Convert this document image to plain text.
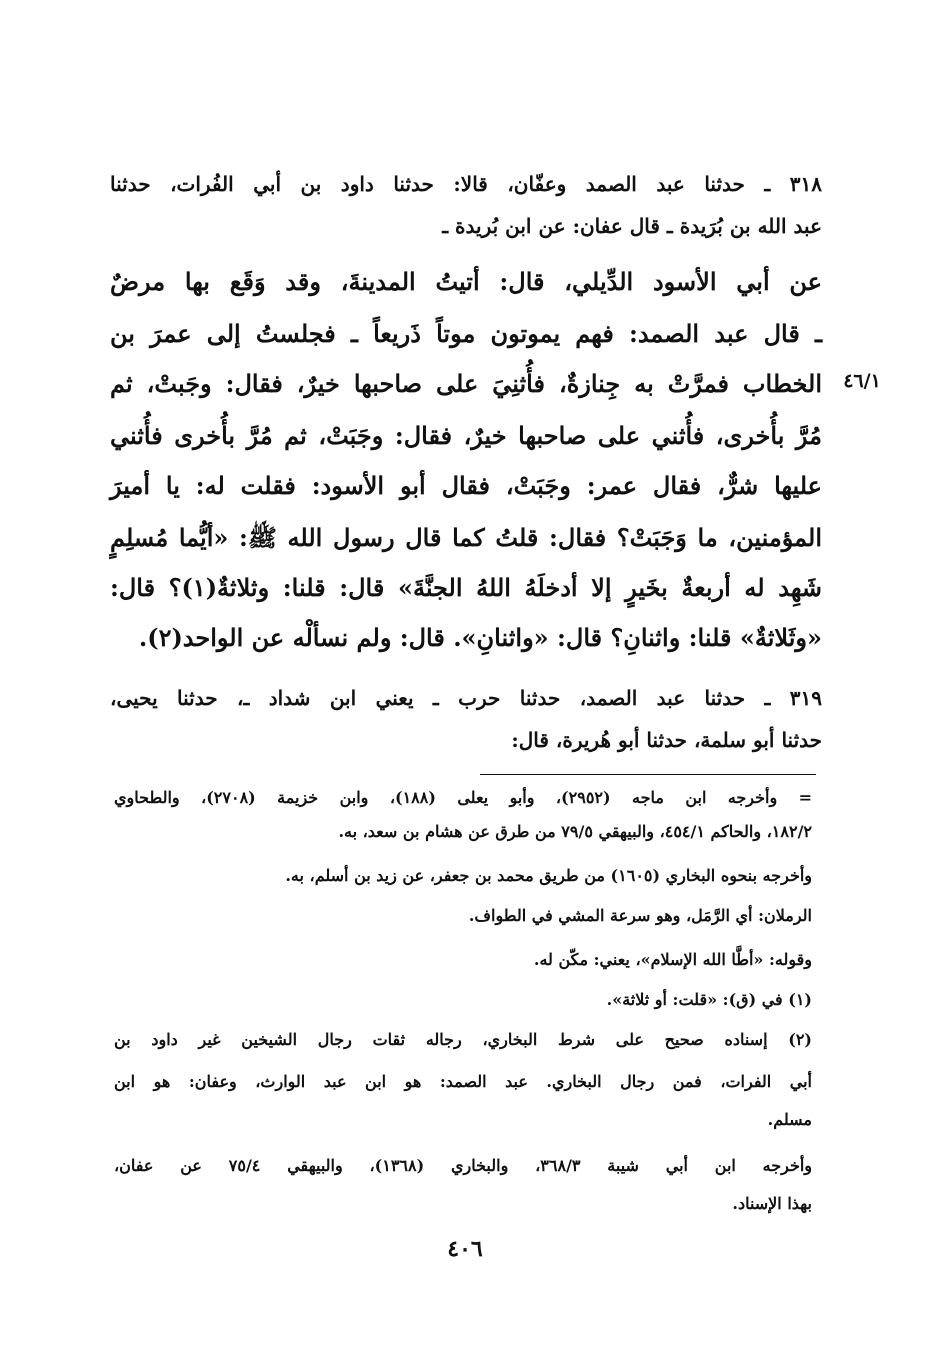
٣١٨ ـ حدثنا عبد الصمد وعفّان، قالا: حدثنا داود بن أبي الفُرات، حدثنا
عبد الله بن بُرَيدة ـ قال عفان: عن ابن بُريدة ـ
عن أبي الأسود الدِّيلي، قال: أتيتُ المدينةَ، وقد وَقَع بها مرضٌ
ـ قال عبد الصمد: فهم يموتون موتاً ذَريعاً ـ فجلستُ إلى عمرَ بن
الخطاب فمرَّتْ به جِنازةٌ، فأُثنِيَ على صاحبها خيرٌ، فقال: وجَبتْ، ثم
مُرَّ بأُخرى، فأُثني على صاحبها خيرٌ، فقال: وجَبَتْ، ثم مُرَّ بأُخرى فأُثني
عليها شرٌّ، فقال عمر: وجَبَتْ، فقال أبو الأسود: فقلت له: يا أميرَ
المؤمنين، ما وَجَبَتْ؟ فقال: قلتُ كما قال رسول الله ﷺ: «أيُّما مُسلِمٍ
شَهِد له أربعةٌ بخَيرٍ إلا أدخلَهُ اللهُ الجنَّةَ» قال: قلنا: وثلاثةٌ(١)؟ قال:
«وثَلاثةٌ» قلنا: واثنانِ؟ قال: «واثنانِ». قال: ولم نسألْه عن الواحد(٢).
٤٦/١
٣١٩ ـ حدثنا عبد الصمد، حدثنا حرب ـ يعني ابن شداد ـ، حدثنا يحيى،
حدثنا أبو سلمة، حدثنا أبو هُريرة، قال:
= وأخرجه ابن ماجه (٢٩٥٢)، وأبو يعلى (١٨٨)، وابن خزيمة (٢٧٠٨)، والطحاوي
١٨٢/٢، والحاكم ٤٥٤/١، والبيهقي ٧٩/٥ من طرق عن هشام بن سعد، به.
وأخرجه بنحوه البخاري (١٦٠٥) من طريق محمد بن جعفر، عن زيد بن أسلم، به.
الرملان: أي الرَّمَل، وهو سرعة المشي في الطواف.
وقوله: «أطَّا الله الإسلام»، يعني: مكّن له.
(١) في (ق): «قلت: أو ثلاثة».
(٢) إسناده صحيح على شرط البخاري، رجاله ثقات رجال الشيخين غير داود بن
أبي الفرات، فمن رجال البخاري. عبد الصمد: هو ابن عبد الوارث، وعفان: هو ابن
مسلم.
وأخرجه ابن أبي شيبة ٣٦٨/٣، والبخاري (١٣٦٨)، والبيهقي ٧٥/٤ عن عفان،
بهذا الإسناد.
٤٠٦
